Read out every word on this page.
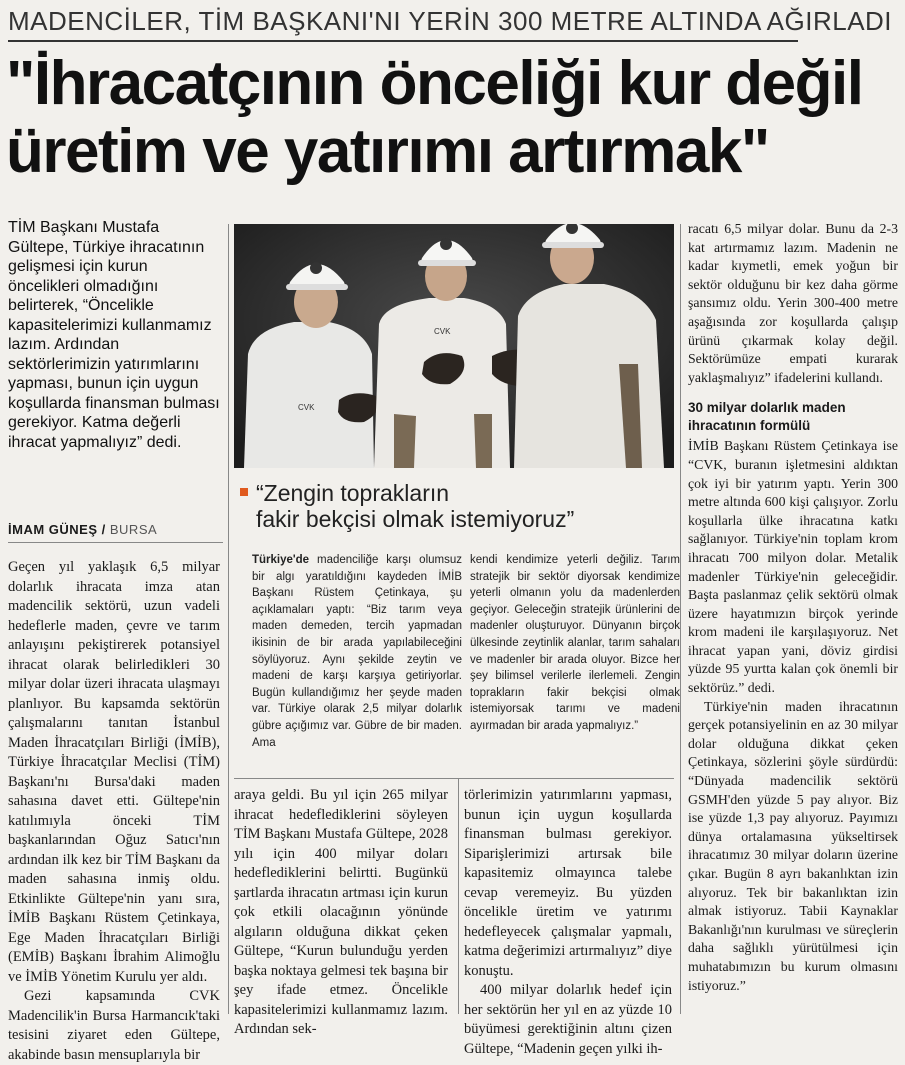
MADENCİLER, TİM BAŞKANI'NI YERİN 300 METRE ALTINDA AĞIRLADI
"İhracatçının önceliği kur değil
üretim ve yatırımı artırmak"
TİM Başkanı Mustafa Gültepe, Türkiye ihracatının gelişmesi için kurun öncelikleri olmadığını belirterek, “Öncelikle kapasitelerimizi kullanmamız lazım. Ardından sektörlerimizin yatırımlarını yapması, bunun için uygun koşullarda finansman bulması gerekiyor. Katma değerli ihracat yapmalıyız” dedi.
İMAM GÜNEŞ / BURSA
CVK
CVK
“Zengin toprakların
fakir bekçisi olmak istemiyoruz”
Türkiye'de madenciliğe karşı olumsuz bir algı yaratıldığını kaydeden İMİB Başkanı Rüstem Çetinkaya, şu açıklamaları yaptı: “Biz tarım veya maden demeden, tercih yapmadan ikisinin de bir arada yapılabileceğini söylüyoruz. Aynı şekilde zeytin ve madeni de karşı karşıya getiriyorlar. Bugün kullandığımız her şeyde maden var. Türkiye olarak 2,5 milyar dolarlık gübre açığımız var. Gübre de bir maden. Ama
kendi kendimize yeterli değiliz. Tarım stratejik bir sektör diyorsak kendimize yeterli olmanın yolu da madenlerden geçiyor. Geleceğin stratejik ürünlerini de madenler oluşturuyor. Dünyanın birçok ülkesinde zeytinlik alanlar, tarım sahaları ve madenler bir arada oluyor. Bizce her şey bilimsel verilerle ilerlemeli. Zengin toprakların fakir bekçisi olmak istemiyorsak tarımı ve madeni ayırmadan bir arada yapmalıyız.”

Geçen yıl yaklaşık 6,5 milyar dolarlık ihracata imza atan madencilik sektörü, uzun vadeli hedeflerle maden, çevre ve tarım anlayışını pekiştirerek potansiyel ihracat olarak belirledikleri 30 milyar dolar üzeri ihracata ulaşmayı planlıyor. Bu kapsamda sektörün çalışmalarını tanıtan İstanbul Maden İhracatçıları Birliği (İMİB), Türkiye İhracatçılar Meclisi (TİM) Başkanı'nı Bursa'daki maden sahasına davet etti. Gültepe'nin katılımıyla önceki TİM başkanlarından Oğuz Satıcı'nın ardından ilk kez bir TİM Başkanı da maden sahasına inmiş oldu. Etkinlikte Gültepe'nin yanı sıra, İMİB Başkanı Rüstem Çetinkaya, Ege Maden İhracatçıları Birliği (EMİB) Başkanı İbrahim Alimoğlu ve İMİB Yönetim Kurulu yer aldı.

Gezi kapsamında CVK Madencilik'in Bursa Harmancık'taki tesisini ziyaret eden Gültepe, akabinde basın mensuplarıyla bir

araya geldi. Bu yıl için 265 milyar ihracat hedeflediklerini söyleyen TİM Başkanı Mustafa Gültepe, 2028 yılı için 400 milyar doları hedeflediklerini belirtti. Bugünkü şartlarda ihracatın artması için kurun çok etkili olacağının yönünde algıların olduğuna dikkat çeken Gültepe, “Kurun bulunduğu yerden başka noktaya gelmesi tek başına bir şey ifade etmez. Öncelikle kapasitelerimizi kullanmamız lazım. Ardından sek-

törlerimizin yatırımlarını yapması, bunun için uygun koşullarda finansman bulması gerekiyor. Siparişlerimizi artırsak bile kapasitemiz olmayınca talebe cevap veremeyiz. Bu yüzden öncelikle üretim ve yatırımı hedefleyecek çalışmalar yapmalı, katma değerimizi artırmalıyız” diye konuştu.

400 milyar dolarlık hedef için her sektörün her yıl en az yüzde 10 büyümesi gerektiğinin altını çizen Gültepe, “Madenin geçen yılki ih-

racatı 6,5 milyar dolar. Bunu da 2-3 kat artırmamız lazım. Madenin ne kadar kıymetli, emek yoğun bir sektör olduğunu bir kez daha görme şansımız oldu. Yerin 300-400 metre aşağısında zor koşullarda çalışıp ürünü çıkarmak kolay değil. Sektörümüze empati kurarak yaklaşmalıyız” ifadelerini kullandı.

30 milyar dolarlık maden ihracatının formülü

İMİB Başkanı Rüstem Çetinkaya ise “CVK, buranın işletmesini aldıktan çok iyi bir yatırım yaptı. Yerin 300 metre altında 600 kişi çalışıyor. Zorlu koşullarla ülke ihracatına katkı sağlanıyor. Türkiye'nin toplam krom ihracatı 700 milyon dolar. Metalik madenler Türkiye'nin geleceğidir. Başta paslanmaz çelik sektörü olmak üzere hayatımızın birçok yerinde krom madeni ile karşılaşıyoruz. Net ihracat yapan yani, döviz girdisi yüzde 95 yurtta kalan çok önemli bir sektörüz.” dedi.

Türkiye'nin maden ihracatının gerçek potansiyelinin en az 30 milyar dolar olduğuna dikkat çeken Çetinkaya, sözlerini şöyle sürdürdü: “Dünyada madencilik sektörü GSMH'den yüzde 5 pay alıyor. Biz ise yüzde 1,3 pay alıyoruz. Payımızı dünya ortalamasına yükseltirsek ihracatımız 30 milyar doların üzerine çıkar. Bugün 8 ayrı bakanlıktan izin alıyoruz. Tek bir bakanlıktan izin almak istiyoruz. Tabii Kaynaklar Bakanlığı'nın kurulması ve süreçlerin daha sağlıklı yürütülmesi için muhatabımızın bu kurum olmasını istiyoruz.”
